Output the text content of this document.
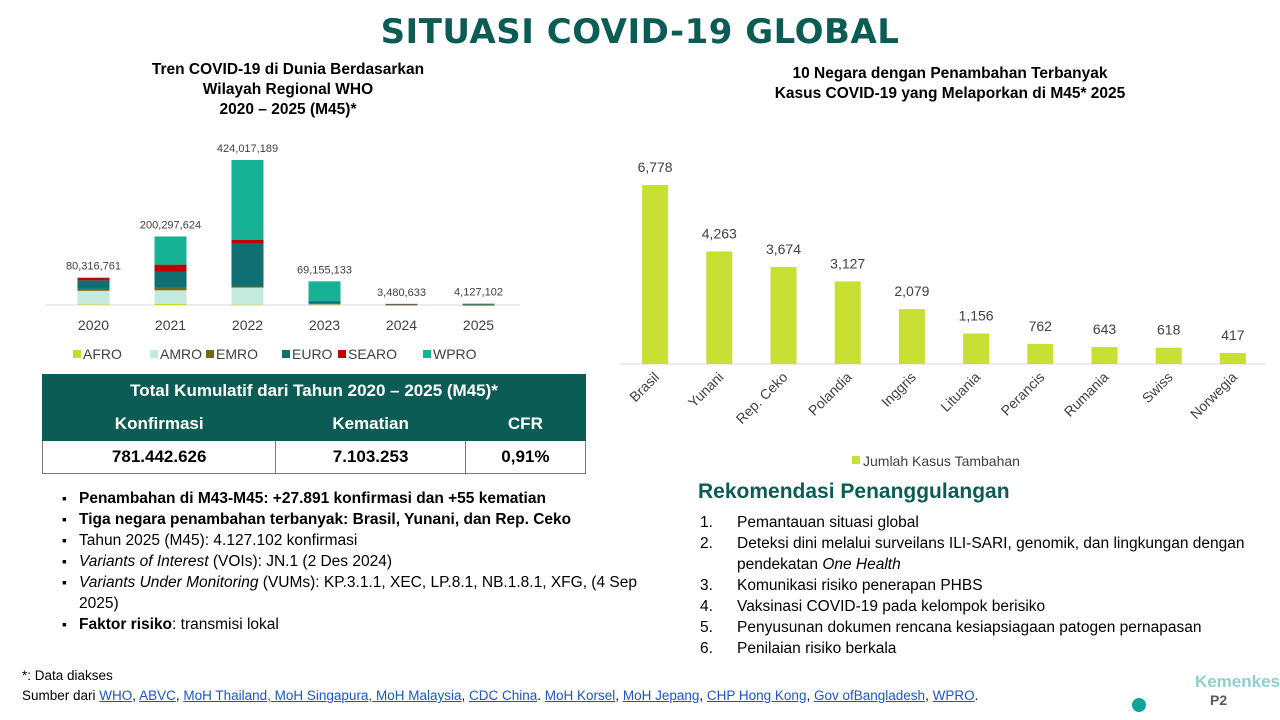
SITUASI COVID-19 GLOBAL
Tren COVID-19 di Dunia Berdasarkan
Wilayah Regional WHO
2020 – 2025 (M45)*
10 Negara dengan Penambahan Terbanyak
Kasus COVID-19 yang Melaporkan di M45* 2025
80,316,761
2020
200,297,624
2021
424,017,189
2022
69,155,133
2023
3,480,633
2024
4,127,102
2025
AFRO	AMRO EMRO EURO SEARO	WPRO
6,778
Brasil
4,263
Yunani
3,674
Rep. Ceko
3,127
Polandia
2,079
Inggris
1,156
Lituania
762
Perancis
643
Rumania
618
Swiss
417
Norwegia
Jumlah Kasus Tambahan
Total Kumulatif dari Tahun 2020 – 2025 (M45)*		
Konfirmasi	Kematian	CFR
781.442.626	7.103.253	0,91%
▪ Penambahan di M43-M45: +27.891 konfirmasi dan +55 kematian
▪ Tiga negara penambahan terbanyak: Brasil, Yunani, dan Rep. Ceko
▪ Tahun 2025 (M45): 4.127.102 konfirmasi
▪ Variants of Interest (VOIs): JN.1 (2 Des 2024)
▪ Variants Under Monitoring (VUMs): KP.3.1.1, XEC, LP.8.1, NB.1.8.1, XFG, (4 Sep 2025)
▪ Faktor risiko: transmisi lokal
Rekomendasi Penanggulangan
1. Pemantauan situasi global
2. Deteksi dini melalui surveilans ILI-SARI, genomik, dan lingkungan dengan pendekatan One Health
3. Komunikasi risiko penerapan PHBS
4. Vaksinasi COVID-19 pada kelompok berisiko
5. Penyusunan dokumen rencana kesiapsiagaan patogen pernapasan
6. Penilaian risiko berkala
*: Data diakses
Sumber dari WHO, ABVC, MoH Thailand, MoH Singapura, MoH Malaysia, CDC China. MoH Korsel, MoH Jepang, CHP Hong Kong, Gov ofBangladesh, WPRO.
Kemenkes
P2
